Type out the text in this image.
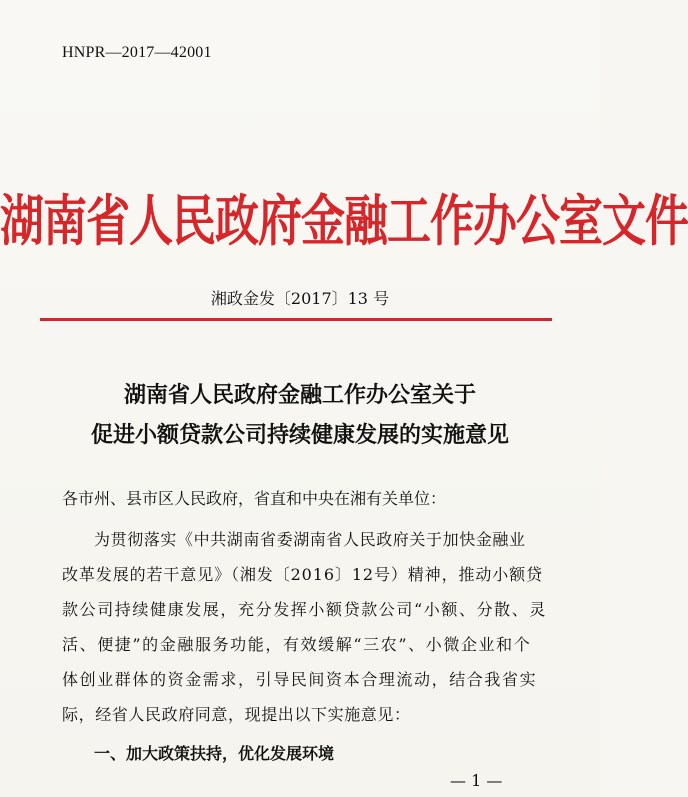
HNPR—2017—42001
湖南省人民政府金融工作办公室文件
湘政金发〔2017〕13 号
湖南省人民政府金融工作办公室关于
促进小额贷款公司持续健康发展的实施意见
各市州、县市区人民政府，省直和中央在湘有关单位：
为贯彻落实《中共湖南省委湖南省人民政府关于加快金融业
改革发展的若干意见》（湘发〔2016〕12号）精神，推动小额贷
款公司持续健康发展，充分发挥小额贷款公司“小额、分散、灵
活、便捷”的金融服务功能，有效缓解“三农”、小微企业和个
体创业群体的资金需求，引导民间资本合理流动，结合我省实
际，经省人民政府同意，现提出以下实施意见：
一、加大政策扶持，优化发展环境
— 1 —
